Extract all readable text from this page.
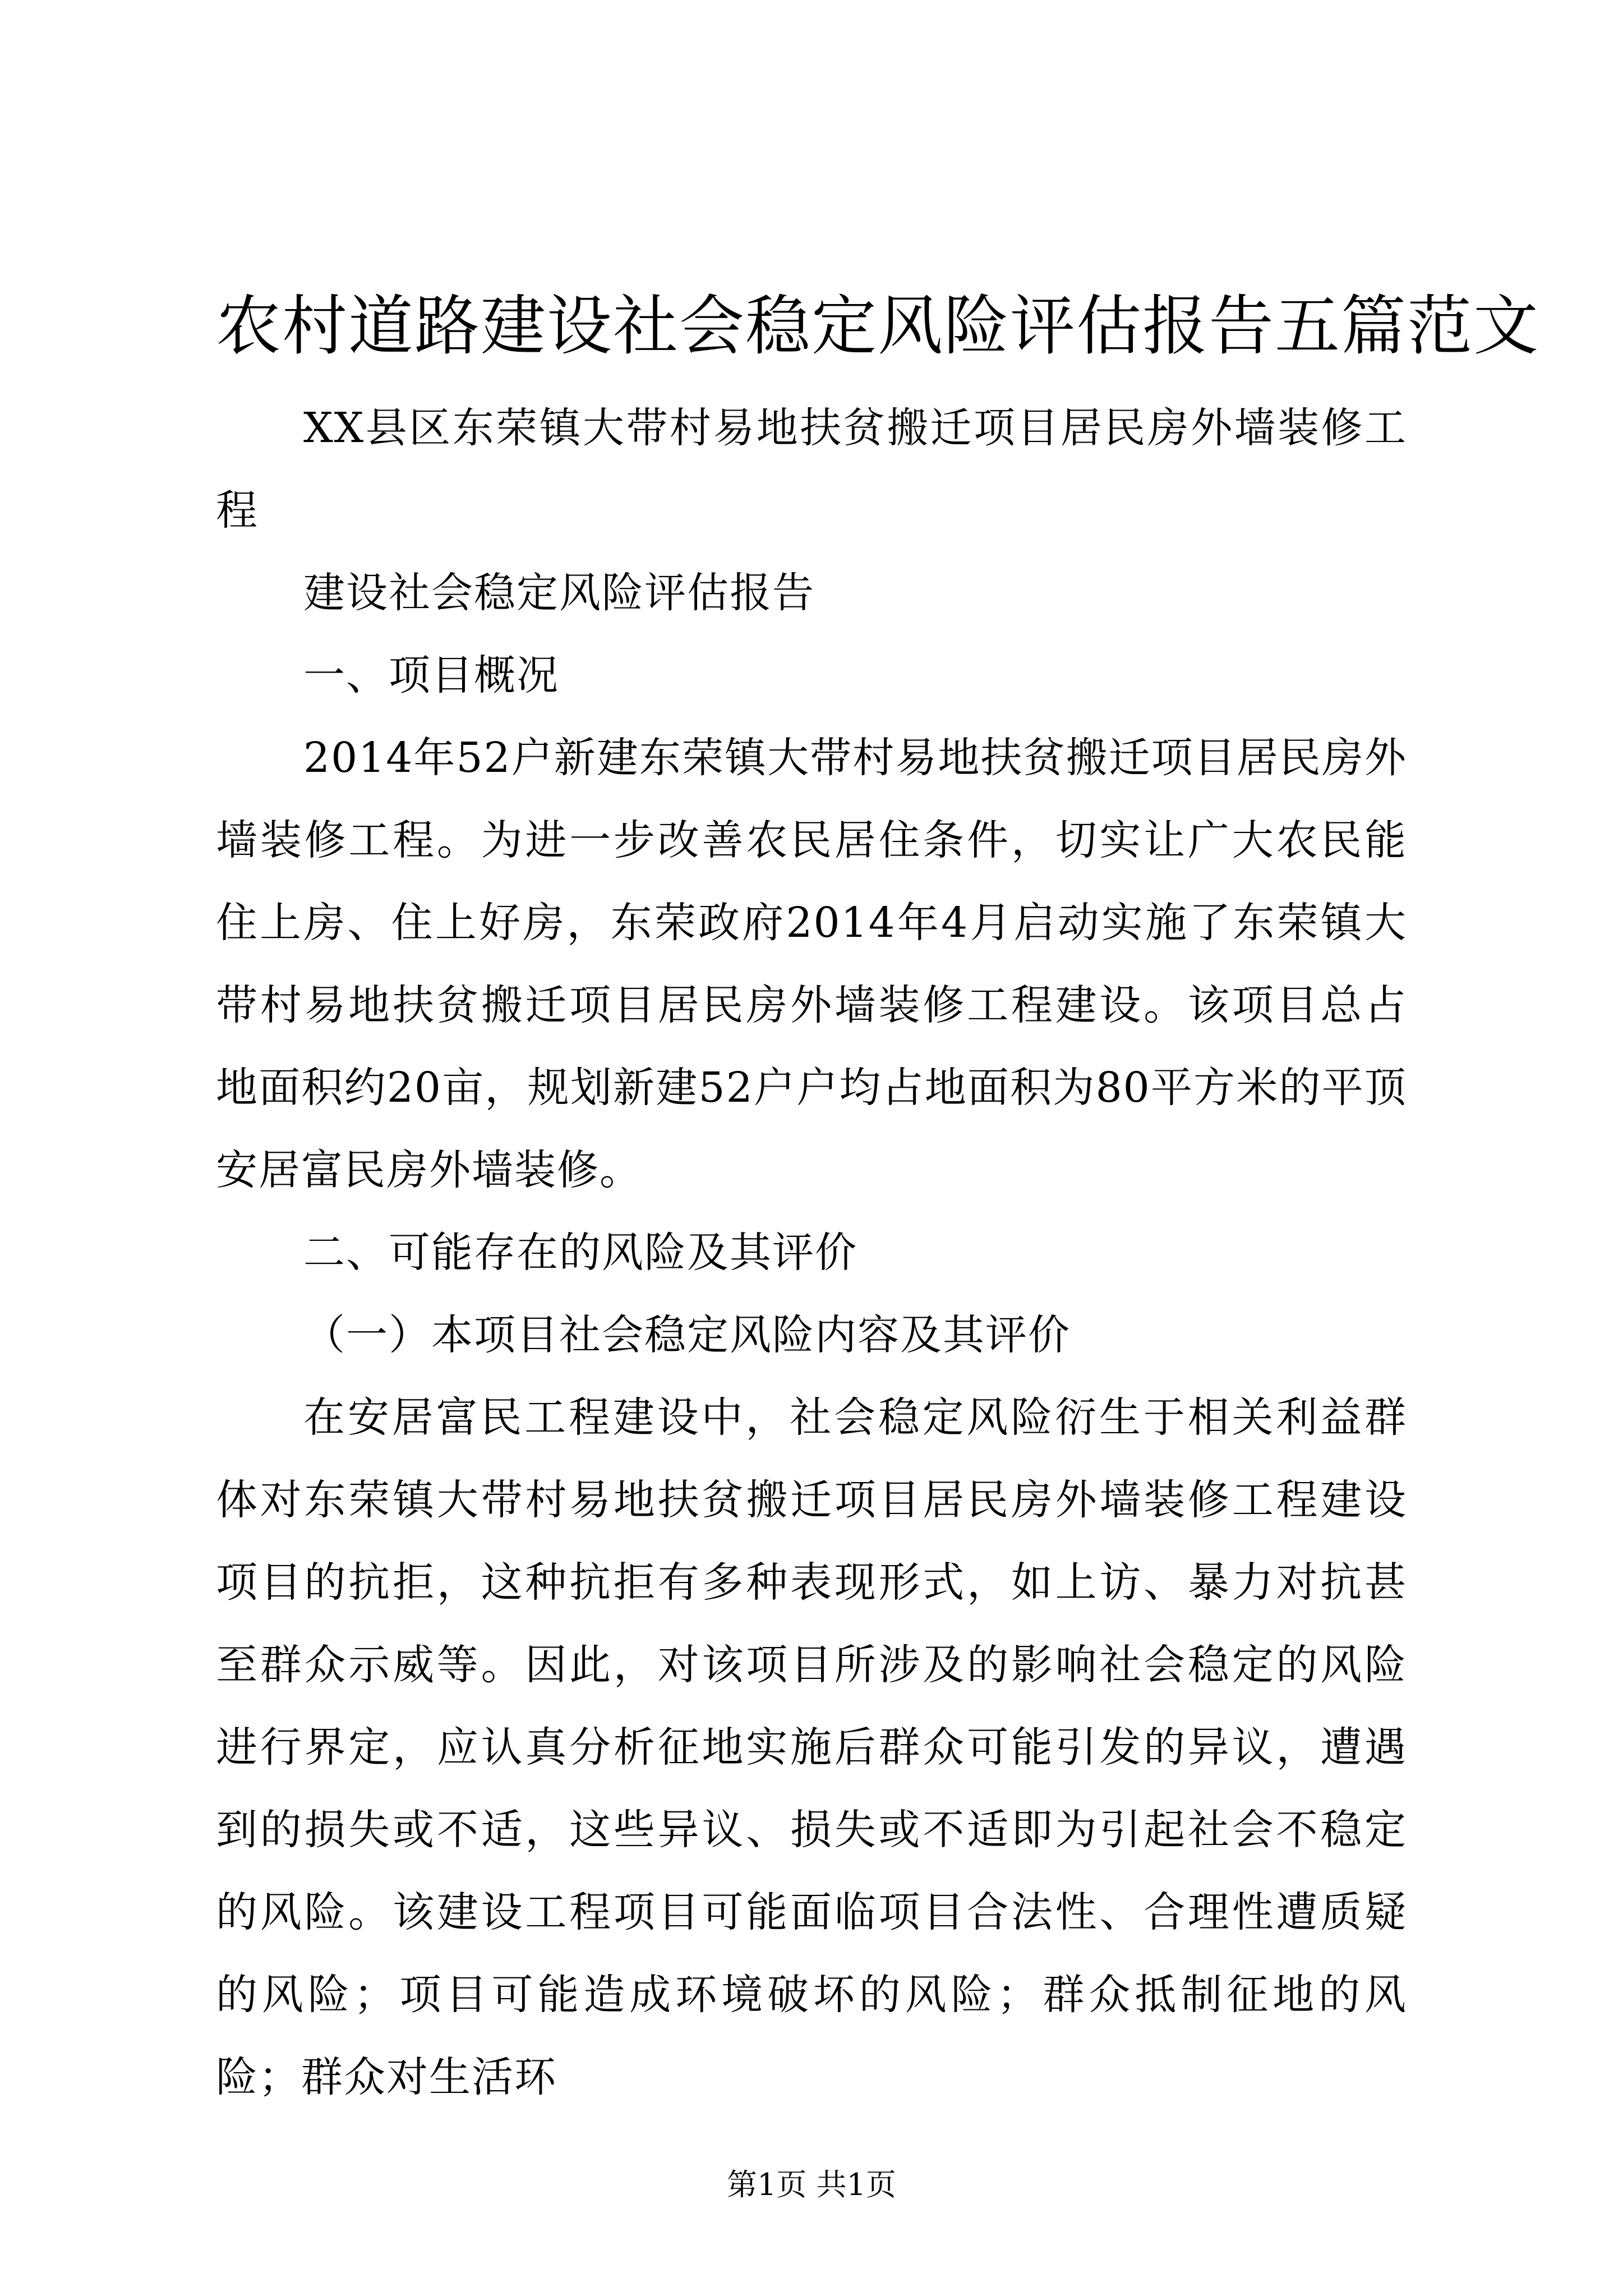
农村道路建设社会稳定风险评估报告五篇范文

XX县区东荣镇大带村易地扶贫搬迁项目居民房外墙装修工程

建设社会稳定风险评估报告

一、项目概况

2014年52户新建东荣镇大带村易地扶贫搬迁项目居民房外墙装修工程。为进一步改善农民居住条件，切实让广大农民能住上房、住上好房，东荣政府2014年4月启动实施了东荣镇大带村易地扶贫搬迁项目居民房外墙装修工程建设。该项目总占地面积约20亩，规划新建52户户均占地面积为80平方米的平顶安居富民房外墙装修。

二、可能存在的风险及其评价

（一）本项目社会稳定风险内容及其评价

在安居富民工程建设中，社会稳定风险衍生于相关利益群体对东荣镇大带村易地扶贫搬迁项目居民房外墙装修工程建设项目的抗拒，这种抗拒有多种表现形式，如上访、暴力对抗甚至群众示威等。因此，对该项目所涉及的影响社会稳定的风险进行界定，应认真分析征地实施后群众可能引发的异议，遭遇到的损失或不适，这些异议、损失或不适即为引起社会不稳定的风险。该建设工程项目可能面临项目合法性、合理性遭质疑的风险；项目可能造成环境破坏的风险；群众抵制征地的风险；群众对生活环

第1页 共1页
